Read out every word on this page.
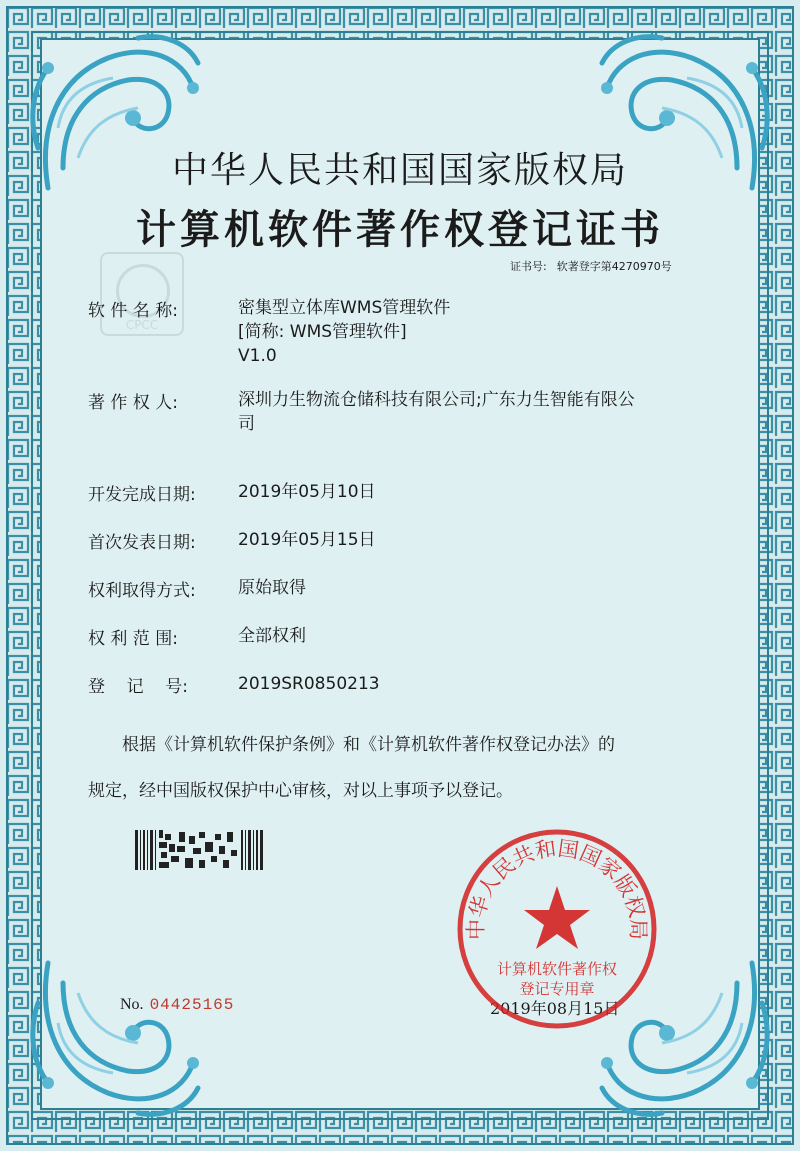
中华人民共和国国家版权局
计算机软件著作权登记证书
证书号: 软著登字第4270970号
CPCC
软 件 名 称:	密集型立体库WMS管理软件
[简称: WMS管理软件]
V1.0
著 作 权 人:	深圳力生物流仓储科技有限公司;广东力生智能有限公
司
开发完成日期:	2019年05月10日
首次发表日期:	2019年05月15日
权利取得方式:	原始取得
权 利 范 围:	全部权利
登    记    号:	2019SR0850213
根据《计算机软件保护条例》和《计算机软件著作权登记办法》的
规定，经中国版权保护中心审核，对以上事项予以登记。
No. 04425165	2019年08月15日
中华人民共和国国家版权局
计算机软件著作权
登记专用章
